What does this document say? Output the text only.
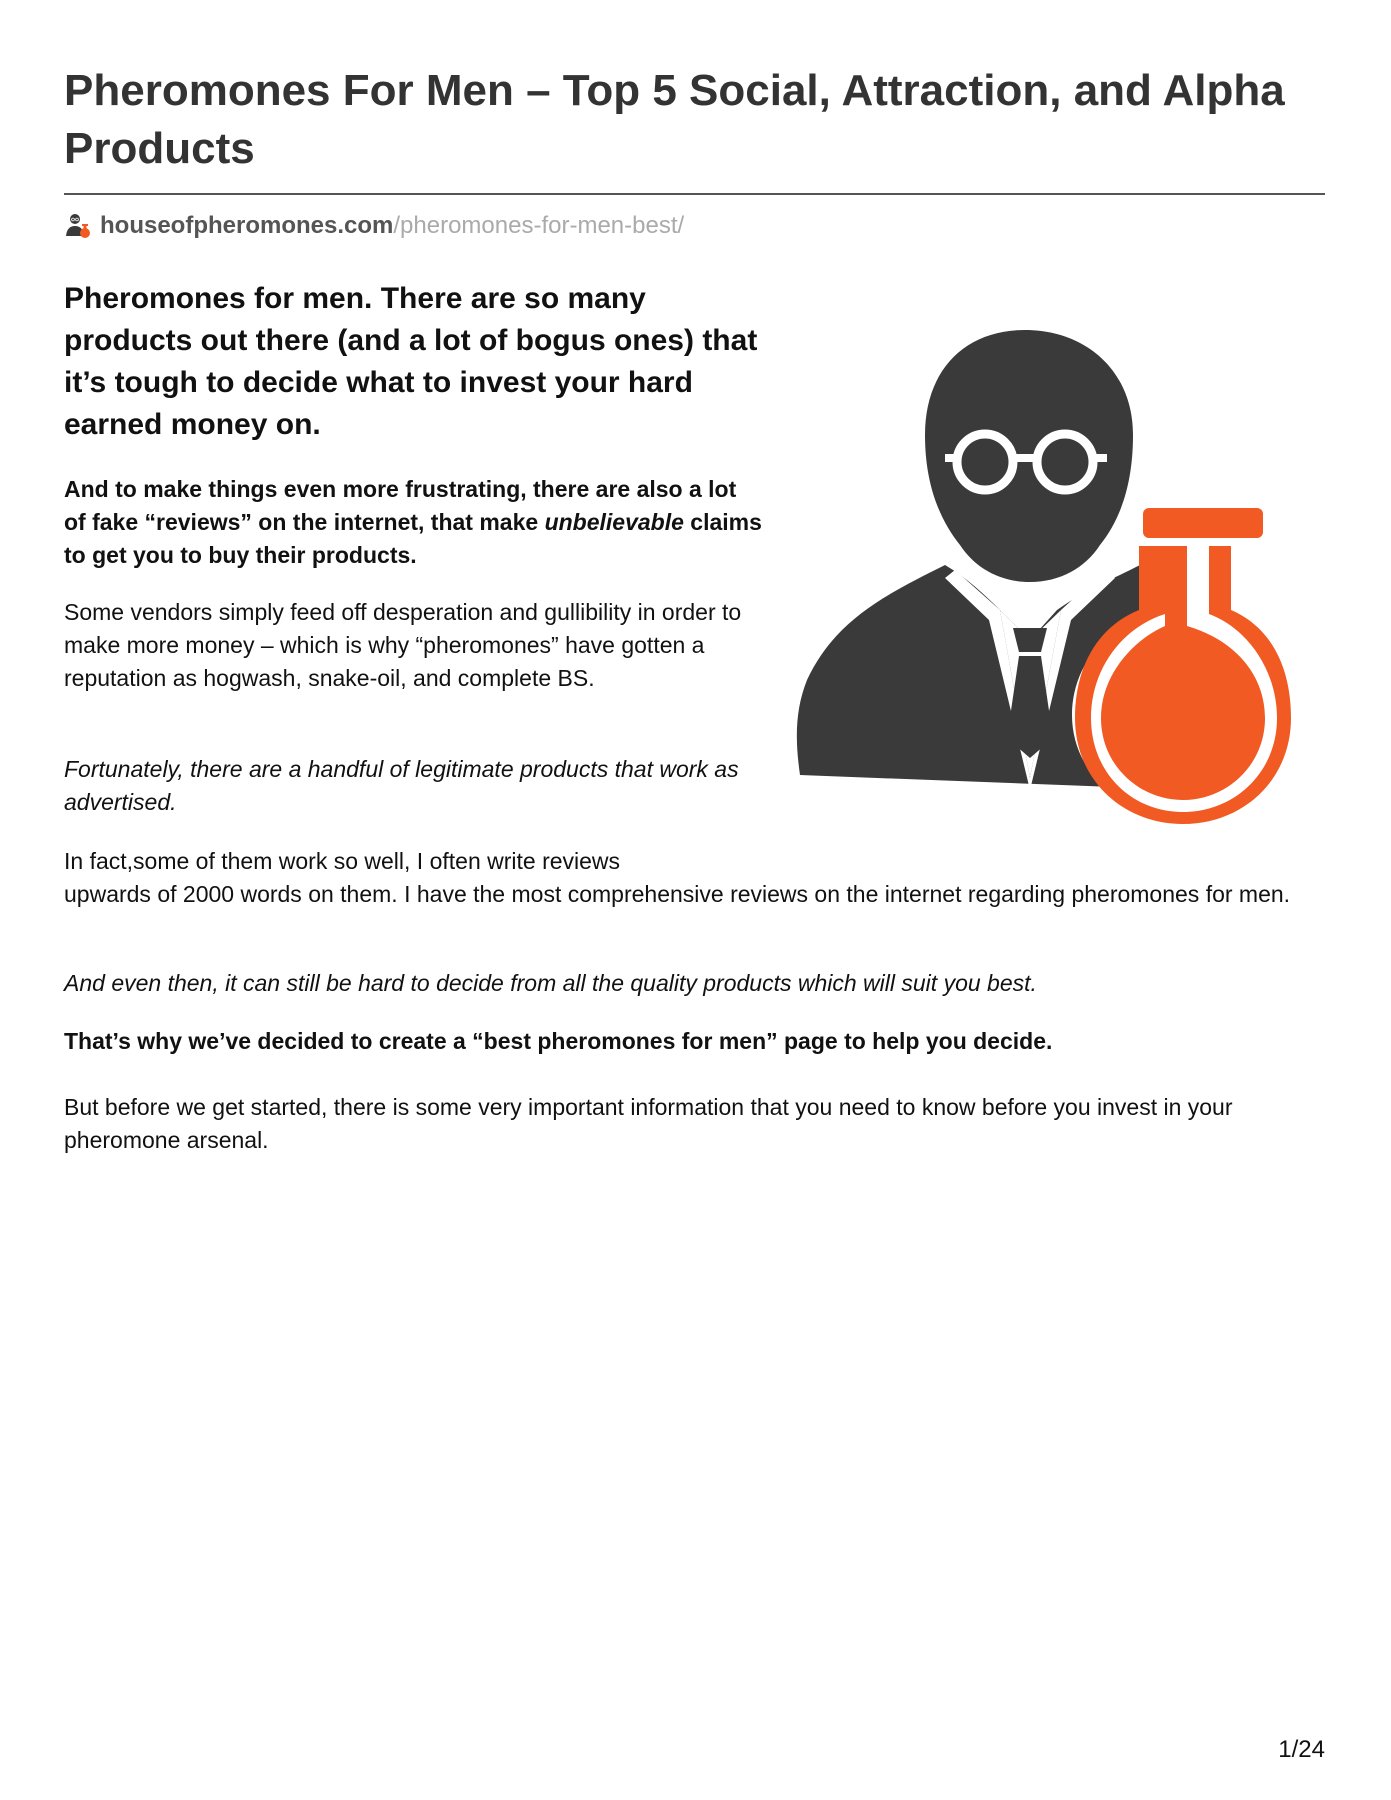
Pheromones For Men – Top 5 Social, Attraction, and Alpha Products
houseofpheromones.com/pheromones-for-men-best/
Pheromones for men. There are so many products out there (and a lot of bogus ones) that it’s tough to decide what to invest your hard earned money on.

And to make things even more frustrating, there are also a lot of fake “reviews” on the internet, that make unbelievable claims to get you to buy their products.

Some vendors simply feed off desperation and gullibility in order to make more money – which is why “pheromones” have gotten a reputation as hogwash, snake-oil, and complete BS.

Fortunately, there are a handful of legitimate products that work as advertised.

In fact,some of them work so well, I often write reviews
upwards of 2000 words on them. I have the most comprehensive reviews on the internet regarding pheromones for men.

And even then, it can still be hard to decide from all the quality products which will suit you best.

That’s why we’ve decided to create a “best pheromones for men” page to help you decide.

But before we get started, there is some very important information that you need to know before you invest in your pheromone arsenal.

1/24
